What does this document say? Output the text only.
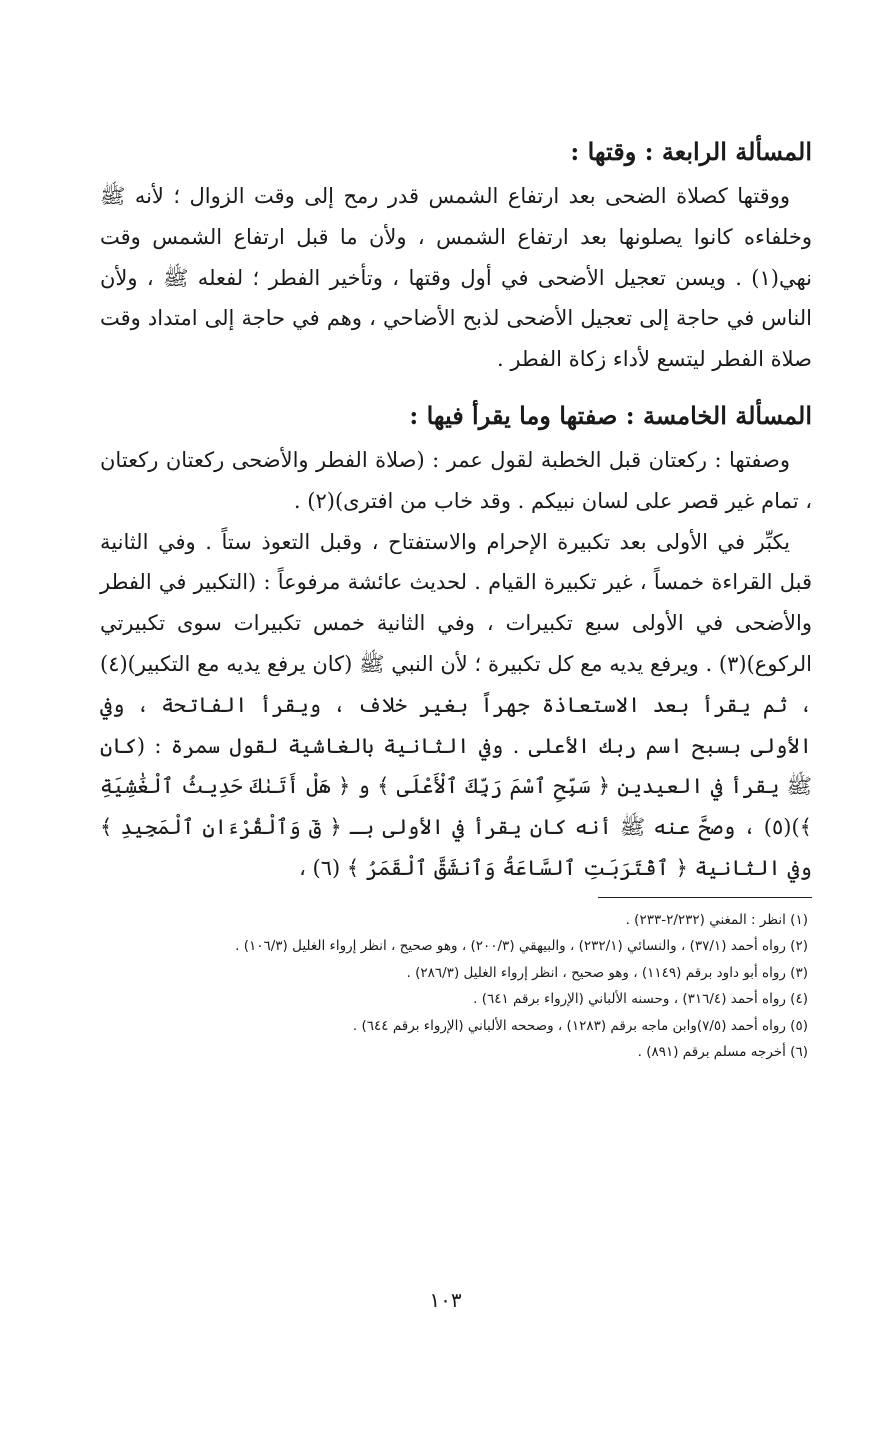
المسألة الرابعة : وقتها :

ووقتها كصلاة الضحى بعد ارتفاع الشمس قدر رمح إلى وقت الزوال ؛ لأنه ﷺ وخلفاءه كانوا يصلونها بعد ارتفاع الشمس ، ولأن ما قبل ارتفاع الشمس وقت نهي(١) . ويسن تعجيل الأضحى في أول وقتها ، وتأخير الفطر ؛ لفعله ﷺ ، ولأن الناس في حاجة إلى تعجيل الأضحى لذبح الأضاحي ، وهم في حاجة إلى امتداد وقت صلاة الفطر ليتسع لأداء زكاة الفطر .

المسألة الخامسة : صفتها وما يقرأ فيها :

وصفتها : ركعتان قبل الخطبة لقول عمر : (صلاة الفطر والأضحى ركعتان ركعتان ، تمام غير قصر على لسان نبيكم . وقد خاب من افترى)(٢) .

يكبِّر في الأولى بعد تكبيرة الإحرام والاستفتاح ، وقبل التعوذ ستاً . وفي الثانية قبل القراءة خمساً ، غير تكبيرة القيام . لحديث عائشة مرفوعاً : (التكبير في الفطر والأضحى في الأولى سبع تكبيرات ، وفي الثانية خمس تكبيرات سوى تكبيرتي الركوع)(٣) . ويرفع يديه مع كل تكبيرة ؛ لأن النبي ﷺ (كان يرفع يديه مع التكبير)(٤) ، ثم يقرأ بعد الاستعاذة جهراً بغير خلاف ، ويقرأ الفاتحة ، وفي الأولى بسبح اسم ربك الأعلى . وفي الثانية بالغاشية لقول سمرة : (كان ﷺ يقرأ في العيدين ﴿ سَبِّحِ ٱسْمَ رَبِّكَ ٱلْأَعْلَى ﴾ و ﴿ هَلْ أَتَىٰكَ حَدِيثُ ٱلْغَٰشِيَةِ ﴾)(٥) ، وصحَّ عنه ﷺ أنه كان يقرأ في الأولى بـ ﴿ قٓ وَٱلْقُرْءَانِ ٱلْمَجِيدِ ﴾ وفي الثانية ﴿ ٱقْتَرَبَتِ ٱلسَّاعَةُ وَٱنشَقَّ ٱلْقَمَرُ ﴾ (٦) ،

(١) انظر : المغني (٢/٢٣٢-٢٣٣) .

(٢) رواه أحمد (٣٧/١) ، والنسائي (٢٣٢/١) ، والبيهقي (٢٠٠/٣) ، وهو صحيح ، انظر إرواء الغليل (١٠٦/٣) .

(٣) رواه أبو داود برقم (١١٤٩) ، وهو صحيح ، انظر إرواء الغليل (٢٨٦/٣) .

(٤) رواه أحمد (٣١٦/٤) ، وحسنه الألباني (الإرواء برقم ٦٤١) .

(٥) رواه أحمد (٧/٥)وابن ماجه برقم (١٢٨٣) ، وصححه الألباني (الإرواء برقم ٦٤٤) .

(٦) أخرجه مسلم برقم (٨٩١) .

١٠٣
